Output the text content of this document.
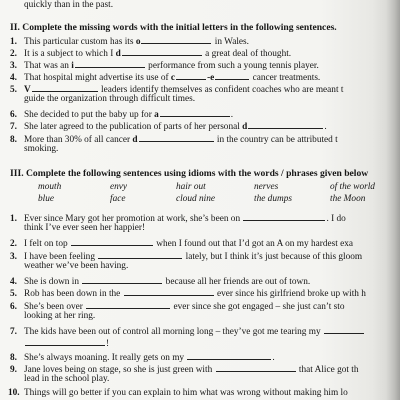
quickly than in the past.
II. Complete the missing words with the initial letters in the following sentences.
1. This particular custom has its o	in Wales.
2. It is a subject to which I d	a great deal of thought.
3. That was an i	performance from such a young tennis player.
4. That hospital might advertise its use of c	-e	cancer treatments.
5. V	leaders identify themselves as confident coaches who are meant t
guide the organization through difficult times.
6. She decided to put the baby up for a	.
7. She later agreed to the publication of parts of her personal d	.
8. More than 30% of all cancer d	in the country can be attributed t
smoking.
III. Complete the following sentences using idioms with the words / phrases given below
mouth	envy	hair out	nerves	of the world
blue	face	cloud nine	the dumps	the Moon
1. Ever since Mary got her promotion at work, she’s been on	. I do
think I’ve ever seen her happier!
2. I felt on top	when I found out that I’d got an A on my hardest exa
3. I have been feeling	lately, but I think it’s just because of this gloom
weather we’ve been having.
4. She is down in	because all her friends are out of town.
5. Rob has been down in the	ever since his girlfriend broke up with h
6. She’s been over	ever since she got engaged – she just can’t sto
looking at her ring.
7. The kids have been out of control all morning long – they’ve got me tearing my
!
8. She’s always moaning. It really gets on my	.
9. Jane loves being on stage, so she is just green with	that Alice got th
lead in the school play.
10. Things will go better if you can explain to him what was wrong without making him lo
